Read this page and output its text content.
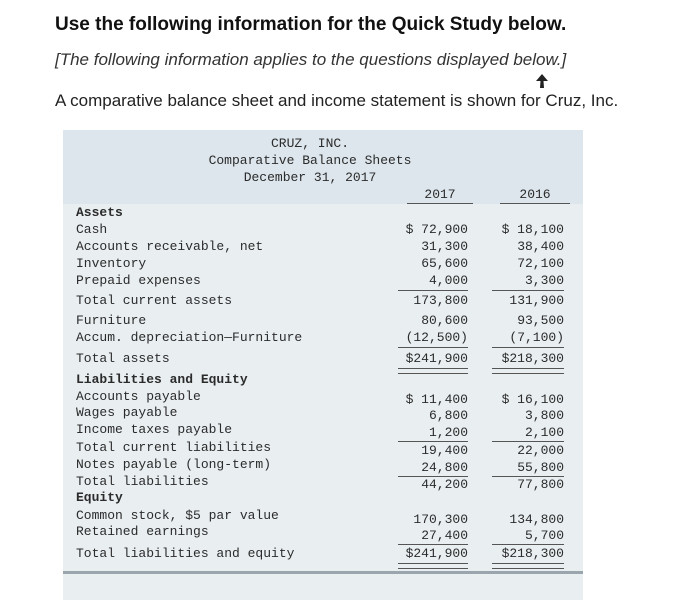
Use the following information for the Quick Study below.
[The following information applies to the questions displayed below.]
A comparative balance sheet and income statement is shown for Cruz, Inc.
CRUZ, INC.
Comparative Balance Sheets
December 31, 2017
2017	2016
Assets
Cash	$ 72,900	$ 18,100
Accounts receivable, net	31,300	38,400
Inventory	65,600	72,100
Prepaid expenses	4,000	3,300
Total current assets	173,800	131,900
Furniture	80,600	93,500
Accum. depreciation—Furniture	(12,500)	(7,100)
Total assets	$241,900	$218,300
Liabilities and Equity
Accounts payable	$ 11,400	$ 16,100
Wages payable	6,800	3,800
Income taxes payable	1,200	2,100
Total current liabilities	19,400	22,000
Notes payable (long-term)	24,800	55,800
Total liabilities	44,200	77,800
Equity
Common stock, $5 par value	170,300	134,800
Retained earnings	27,400	5,700
Total liabilities and equity	$241,900	$218,300
